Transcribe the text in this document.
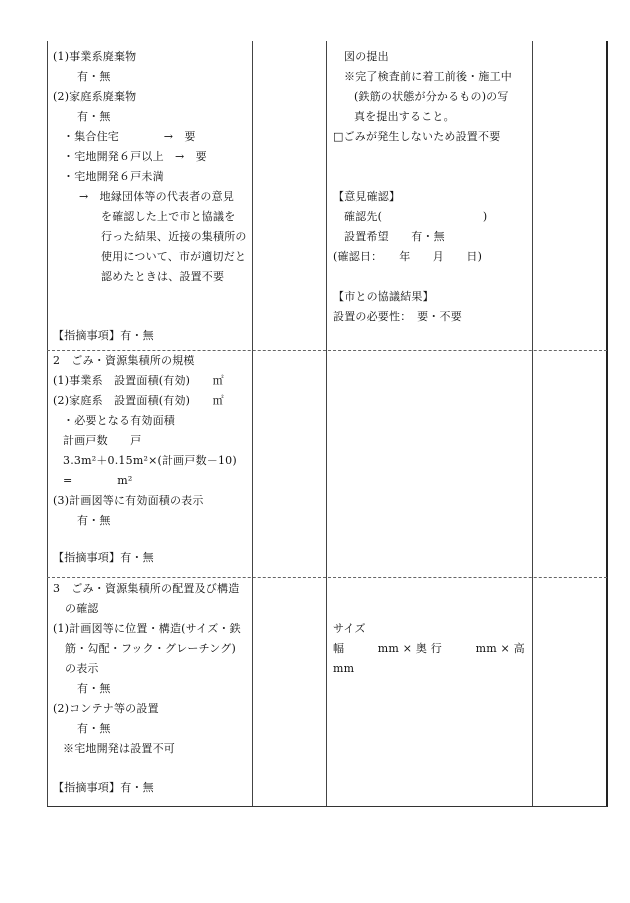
(1)事業系廃棄物
有・無
(2)家庭系廃棄物
有・無
・集合住宅　　　　→　要
・宅地開発６戸以上　→　要
・宅地開発６戸未満
→　地縁団体等の代表者の意見
を確認した上で市と協議を
行った結果、近接の集積所の
使用について、市が適切だと
認めたときは、設置不要
【指摘事項】有・無
図の提出
※完了検査前に着工前後・施工中
(鉄筋の状態が分かるもの)の写
真を提出すること。
□ごみが発生しないため設置不要
【意見確認】
確認先(　　　　　　　　　)
設置希望　　有・無
(確認日：　　年　　月　　日)
【市との協議結果】
設置の必要性：　要・不要
2　ごみ・資源集積所の規模
(1)事業系　設置面積(有効)　　㎡
(2)家庭系　設置面積(有効)　　㎡
・必要となる有効面積
計画戸数　　戸
3.3m²＋0.15m²×(計画戸数－10)
=　　　　m²
(3)計画図等に有効面積の表示
有・無
【指摘事項】有・無
3　ごみ・資源集積所の配置及び構造
の確認
(1)計画図等に位置・構造(サイズ・鉄
筋・勾配・フック・グレーチング)
の表示
有・無
(2)コンテナ等の設置
有・無
※宅地開発は設置不可
【指摘事項】有・無
サイズ
幅　　　mm × 奥 行　　　mm × 高
mm
